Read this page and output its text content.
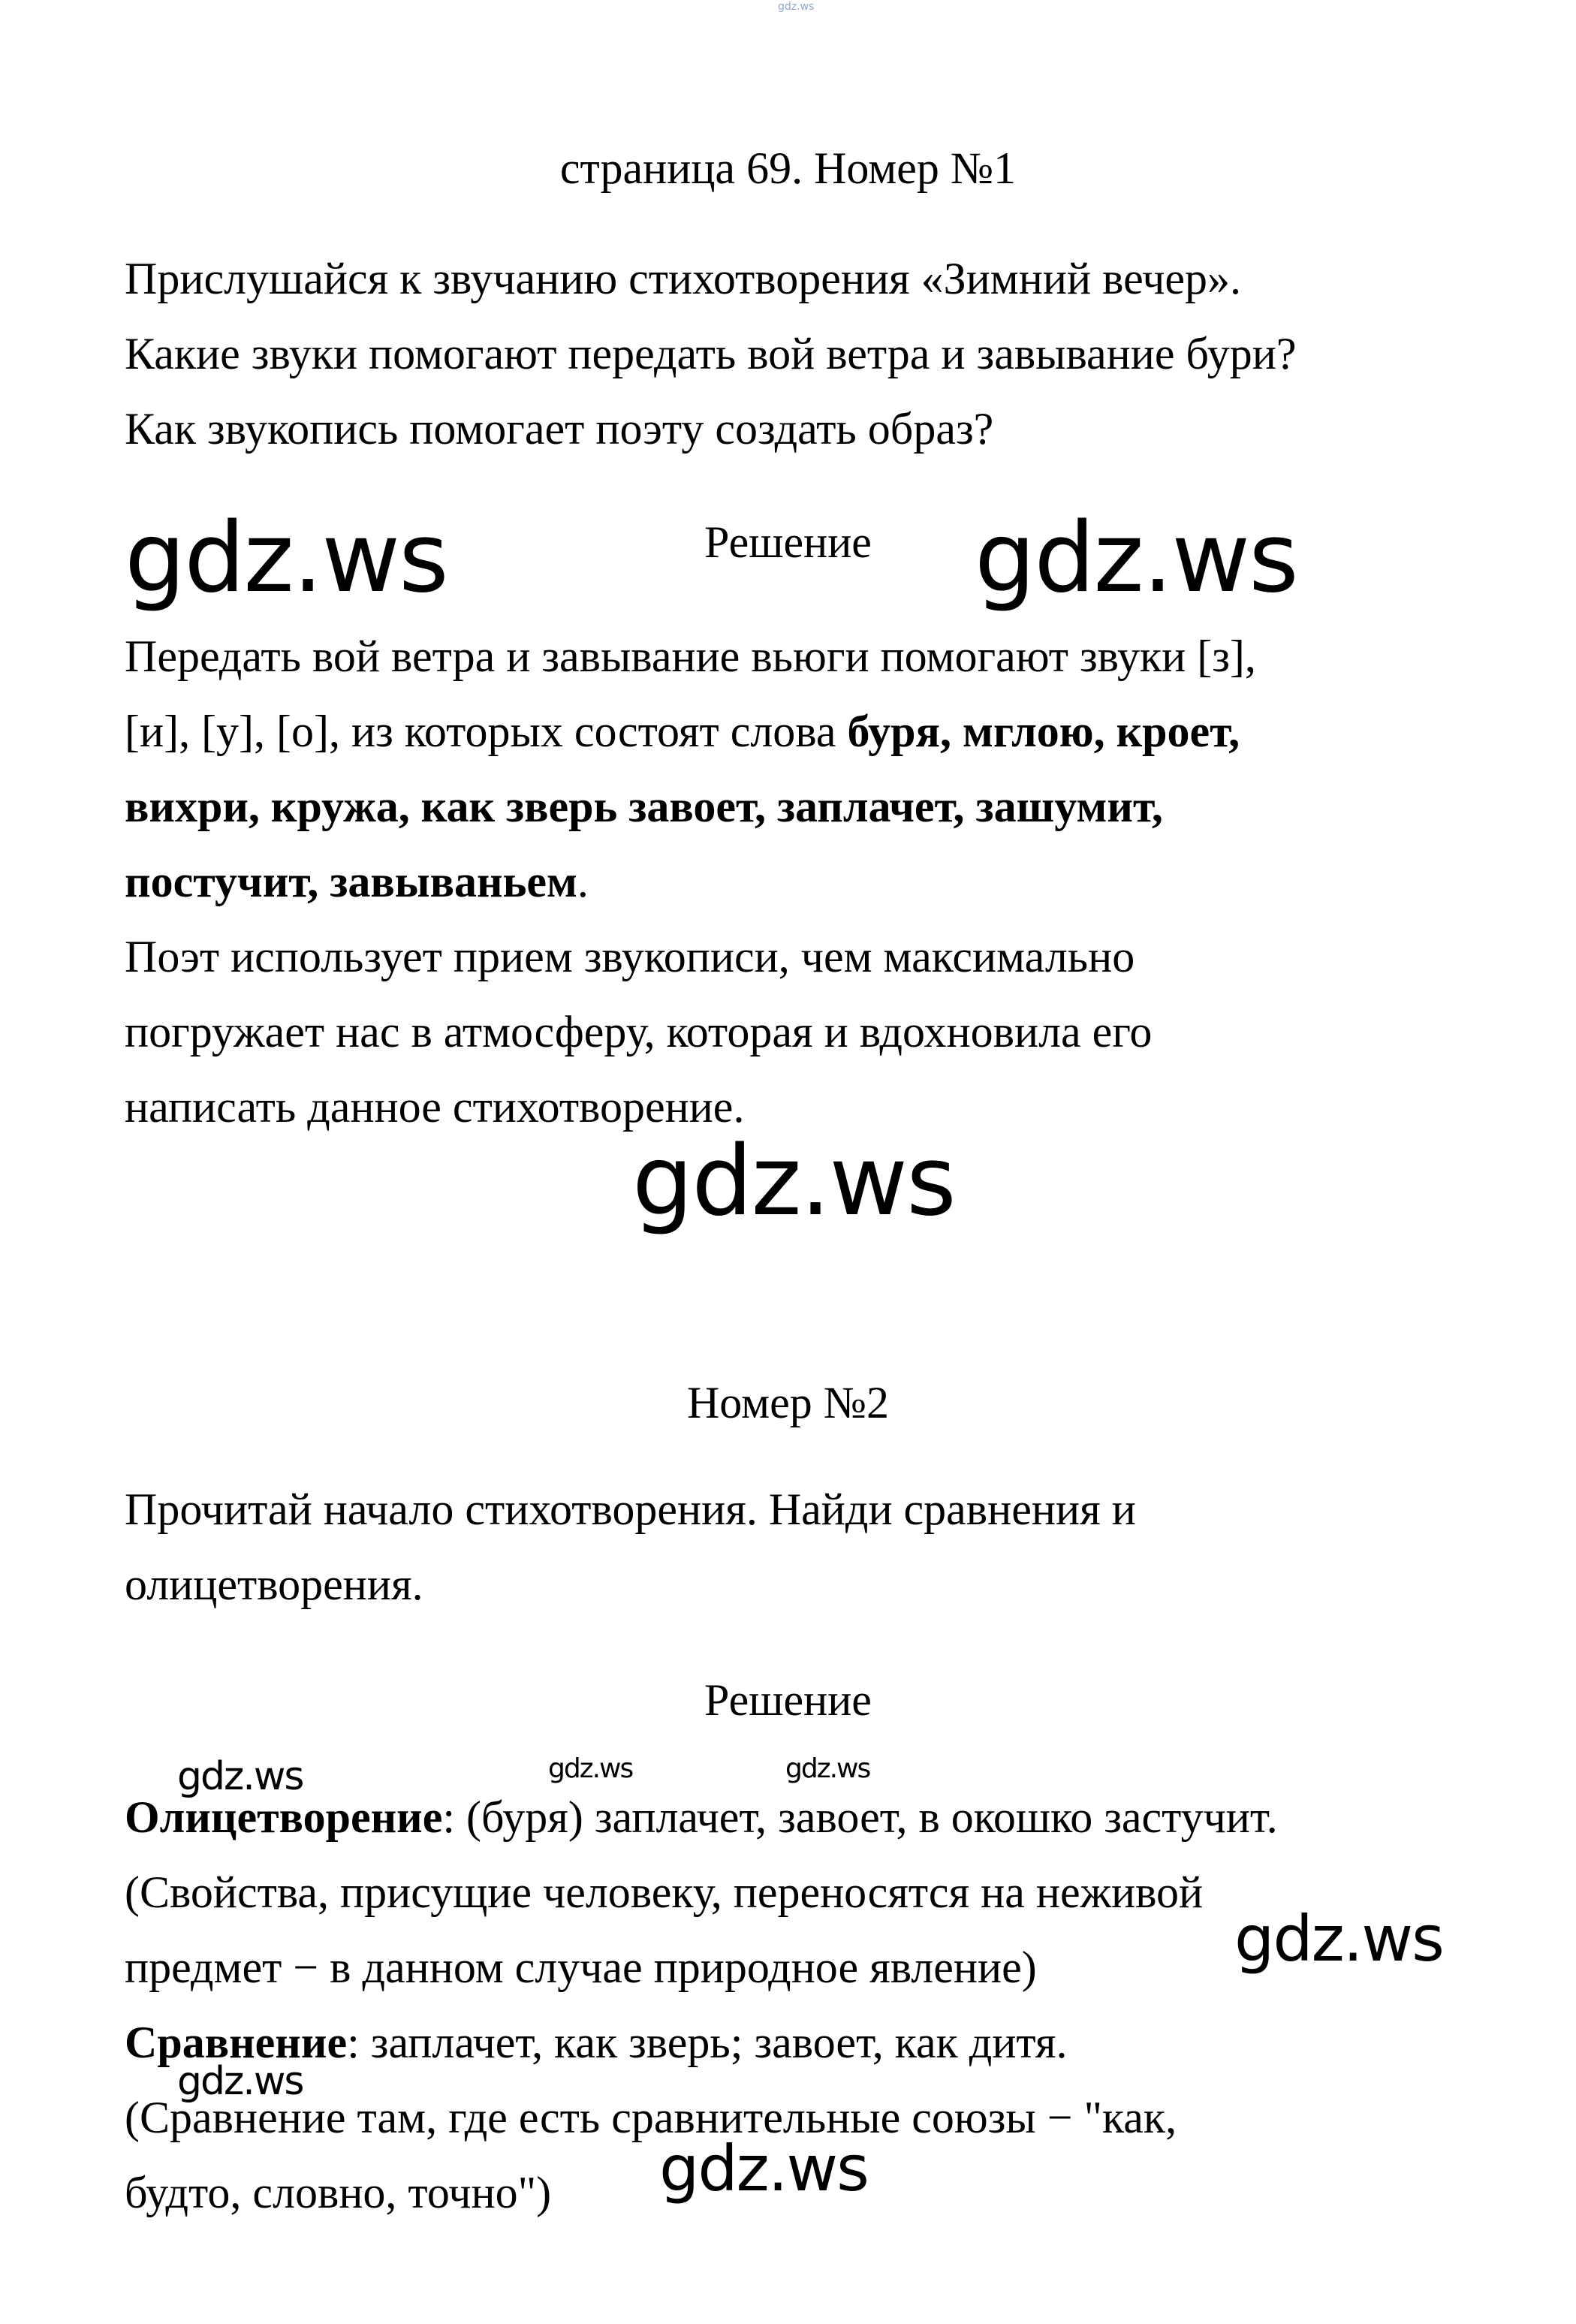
gdz.ws
страница 69. Номер №1
Прислушайся к звучанию стихотворения «Зимний вечер».
Какие звуки помогают передать вой ветра и завывание бури?
Как звукопись помогает поэту создать образ?
gdz.ws	Решение	gdz.ws
Передать вой ветра и завывание вьюги помогают звуки [з],
[и], [у], [о], из которых состоят слова буря, мглою, кроет,
вихри, кружа, как зверь завоет, заплачет, зашумит,
постучит, завываньем.
Поэт использует прием звукописи, чем максимально
погружает нас в атмосферу, которая и вдохновила его
написать данное стихотворение.
gdz.ws
Номер №2
Прочитай начало стихотворения. Найди сравнения и
олицетворения.
Решение
gdz.ws	gdz.ws	gdz.ws
Олицетворение: (буря) заплачет, завоет, в окошко застучит.
(Свойства, присущие человеку, переносятся на неживой
предмет − в данном случае природное явление)	gdz.ws
Сравнение: заплачет, как зверь; завоет, как дитя.
gdz.ws
(Сравнение там, где есть сравнительные союзы − "как,
будто, словно, точно") gdz.ws
